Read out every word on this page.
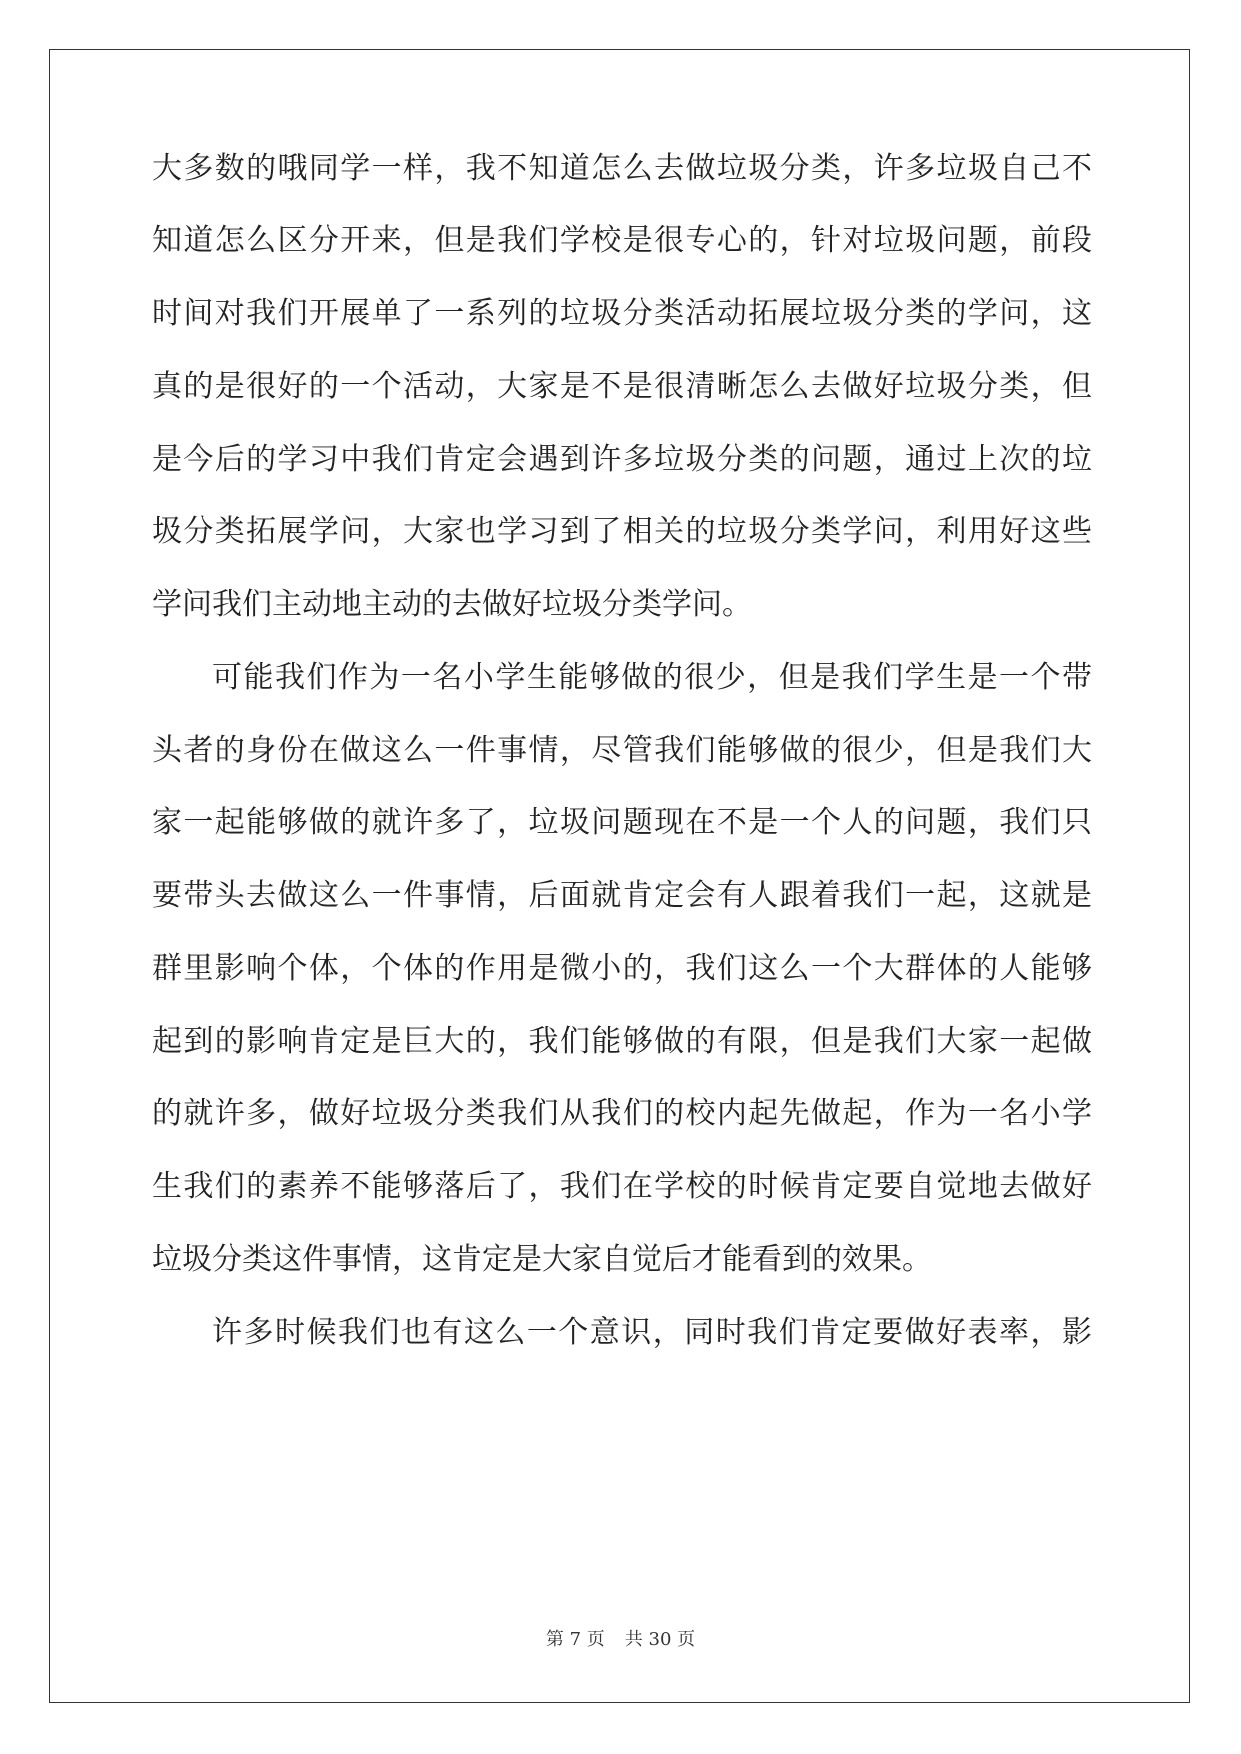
大多数的哦同学一样，我不知道怎么去做垃圾分类，许多垃圾自己不
知道怎么区分开来，但是我们学校是很专心的，针对垃圾问题，前段
时间对我们开展单了一系列的垃圾分类活动拓展垃圾分类的学问，这
真的是很好的一个活动，大家是不是很清晰怎么去做好垃圾分类，但
是今后的学习中我们肯定会遇到许多垃圾分类的问题，通过上次的垃
圾分类拓展学问，大家也学习到了相关的垃圾分类学问，利用好这些
学问我们主动地主动的去做好垃圾分类学问。
可能我们作为一名小学生能够做的很少，但是我们学生是一个带
头者的身份在做这么一件事情，尽管我们能够做的很少，但是我们大
家一起能够做的就许多了，垃圾问题现在不是一个人的问题，我们只
要带头去做这么一件事情，后面就肯定会有人跟着我们一起，这就是
群里影响个体，个体的作用是微小的，我们这么一个大群体的人能够
起到的影响肯定是巨大的，我们能够做的有限，但是我们大家一起做
的就许多，做好垃圾分类我们从我们的校内起先做起，作为一名小学
生我们的素养不能够落后了，我们在学校的时候肯定要自觉地去做好
垃圾分类这件事情，这肯定是大家自觉后才能看到的效果。
许多时候我们也有这么一个意识，同时我们肯定要做好表率，影
第 7 页 共 30 页
